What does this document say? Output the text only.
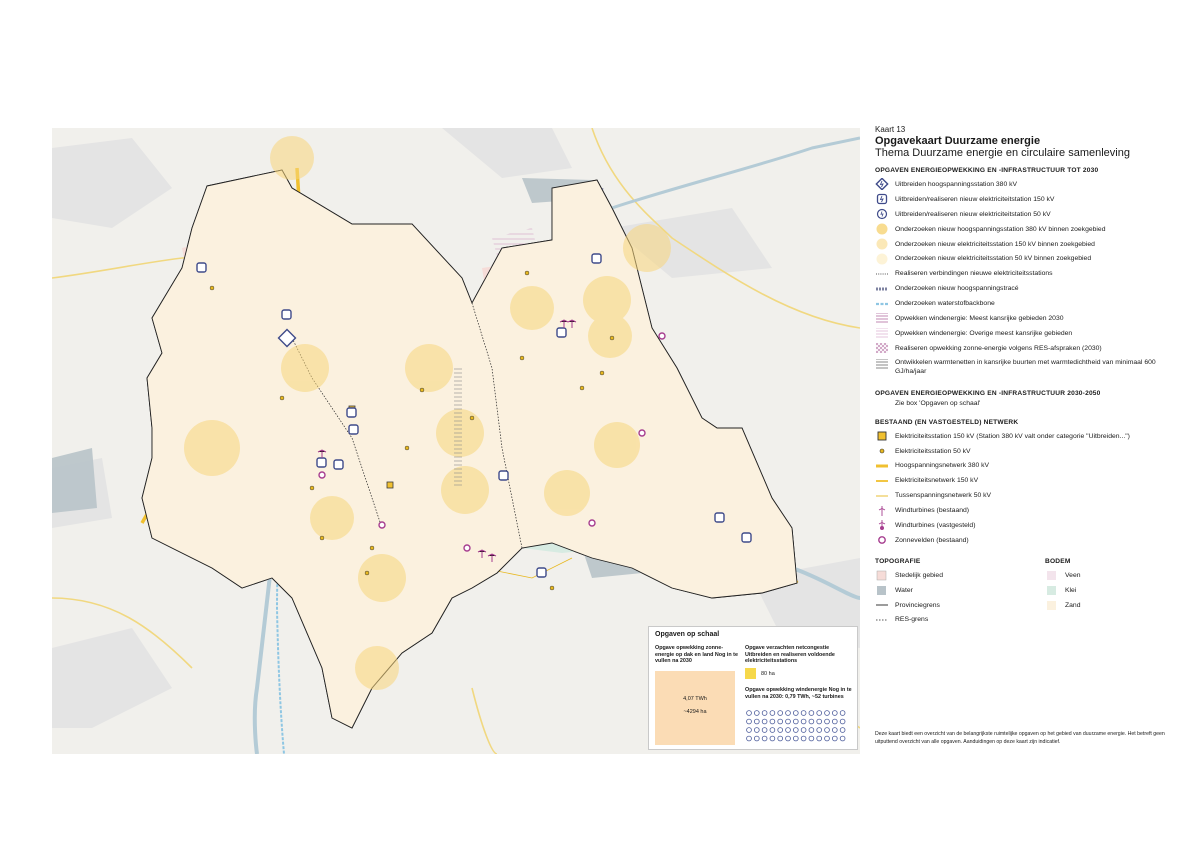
Opgaven op schaal
Opgave opwekking zonne-energie op dak en land Nog in te vullen na 2030
4,07 TWh
~4294 ha
Opgave verzachten netcongestie Uitbreiden en realiseren voldoende elektriciteitsstations
80 ha
Opgave opwekking windenergie Nog in te vullen na 2030: 0,79 TWh, ~52 turbines

Kaart 13

Opgavekaart Duurzame energie

Thema Duurzame energie en circulaire samenleving

OPGAVEN ENERGIEOPWEKKING EN -INFRASTRUCTUUR TOT 2030
Uitbreiden hoogspanningsstation 380 kV
Uitbreiden/realiseren nieuw elektriciteitstation 150 kV
Uitbreiden/realiseren nieuw elektriciteitstation 50 kV
Onderzoeken nieuw hoogspanningsstation 380 kV binnen zoekgebied
Onderzoeken nieuw elektriciteitsstation 150 kV binnen zoekgebied
Onderzoeken nieuw elektriciteitsstation 50 kV binnen zoekgebied
Realiseren verbindingen nieuwe elektriciteitsstations
Onderzoeken nieuw hoogspanningstracé
Onderzoeken waterstofbackbone
Opwekken windenergie: Meest kansrijke gebieden 2030
Opwekken windenergie: Overige meest kansrijke gebieden
Realiseren opwekking zonne-energie volgens RES-afspraken (2030)
Ontwikkelen warmtenetten in kansrijke buurten met warmtedichtheid van minimaal 600 GJ/ha/jaar
OPGAVEN ENERGIEOPWEKKING EN -INFRASTRUCTUUR 2030-2050
Zie box 'Opgaven op schaal'
BESTAAND (EN VASTGESTELD) NETWERK
Elektriciteitsstation 150 kV (Station 380 kV valt onder categorie "Uitbreiden...")
Elektriciteitsstation 50 kV
Hoogspanningsnetwerk 380 kV
Elektriciteitsnetwerk 150 kV
Tussenspanningsnetwerk 50 kV
Windturbines (bestaand)
Windturbines (vastgesteld)
Zonnevelden (bestaand)
TOPOGRAFIE
Stedelijk gebied
Water
Provinciegrens
RES-grens
BODEM
Veen
Klei
Zand
Deze kaart biedt een overzicht van de belangrijkste ruimtelijke opgaven op het gebied van duurzame energie. Het betreft geen uitputtend overzicht van alle opgaven. Aanduidingen op deze kaart zijn indicatief.
